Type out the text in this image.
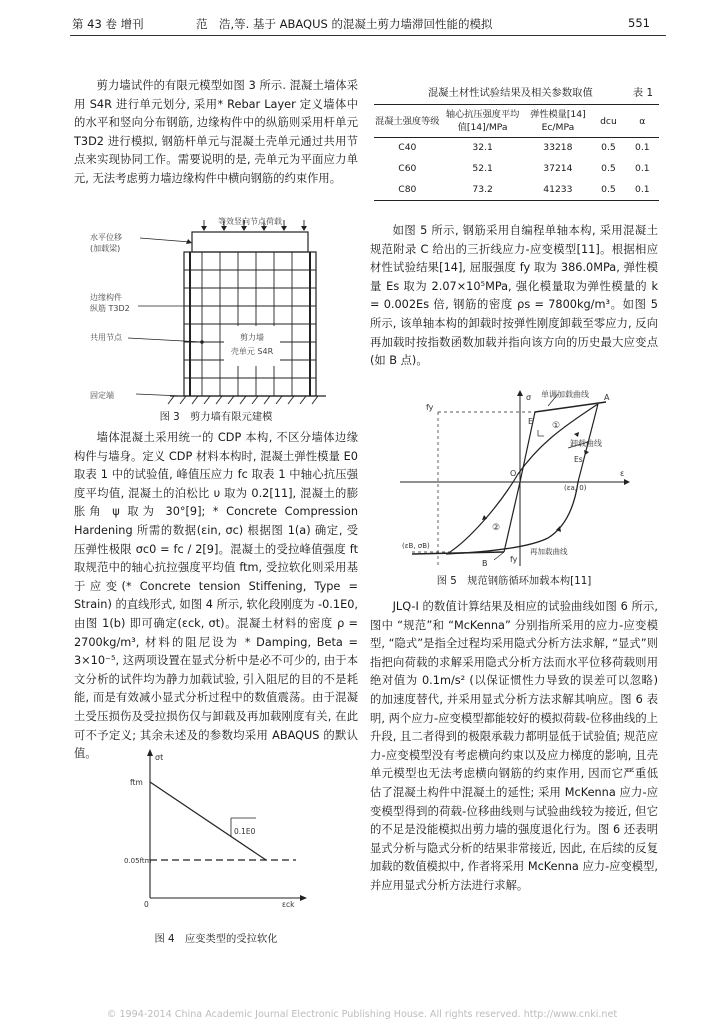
第 43 卷 增刊	范　浩,等. 基于 ABAQUS 的混凝土剪力墙滞回性能的模拟	551

剪力墙试件的有限元模型如图 3 所示. 混凝土墙体采用 S4R 进行单元划分, 采用* Rebar Layer 定义墙体中的水平和竖向分布钢筋, 边缘构件中的纵筋则采用杆单元 T3D2 进行模拟, 钢筋杆单元与混凝土壳单元通过共用节点来实现协同工作。需要说明的是, 壳单元为平面应力单元, 无法考虑剪力墙边缘构件中横向钢筋的约束作用。

等效竖向节点荷载
水平位移
(加载梁)
边缘构件
纵筋 T3D2
共用节点	剪力墙
壳单元 S4R
固定端
图 3　剪力墙有限元建模

墙体混凝土采用统一的 CDP 本构, 不区分墙体边缘构件与墙身。定义 CDP 材料本构时, 混凝土弹性模量 E0 取表 1 中的试验值, 峰值压应力 fc 取表 1 中轴心抗压强度平均值, 混凝土的泊松比 υ 取为 0.2[11], 混凝土的膨胀角 ψ 取为 30°[9]; * Concrete Compression Hardening 所需的数据(εin, σc) 根据图 1(a) 确定, 受压弹性极限 σc0 = fc / 2[9]。混凝土的受拉峰值强度 ft 取规范中的轴心抗拉强度平均值 ftm, 受拉软化则采用基于应变(* Concrete tension Stiffening, Type = Strain) 的直线形式, 如图 4 所示, 软化段刚度为 -0.1E0, 由图 1(b) 即可确定(εck, σt)。混凝土材料的密度 ρ = 2700kg/m³, 材料的阻尼设为 * Damping, Beta = 3×10⁻⁵, 这两项设置在显式分析中是必不可少的, 由于本文分析的试件均为静力加载试验, 引入阻尼的目的不是耗能, 而是有效减小显式分析过程中的数值震荡。由于混凝土受压损伤及受拉损伤仅与卸载及再加载刚度有关, 在此可不予定义; 其余未述及的参数均采用 ABAQUS 的默认值。	σt
ftm
0.1E0
0.05ftm
0	εck
图 4　应变类型的受拉软化
混凝土材性试验结果及相关参数取值	表 1
混凝土强度等级	轴心抗压强度平均值[14]/MPa	弹性模量[14] Ec/MPa	dcu	α
C40	32.1	33218	0.5	0.1
C60	52.1	37214	0.5	0.1
C80	73.2	41233	0.5	0.1

如图 5 所示, 钢筋采用自编程单轴本构, 采用混凝土规范附录 C 给出的三折线应力-应变模型[11]。根据相应材性试验结果[14], 屈服强度 fy 取为 386.0MPa, 弹性模量 Es 取为 2.07×10⁵MPa, 强化模量取为弹性模量的 k = 0.002Es 倍, 钢筋的密度 ρs = 7800kg/m³。如图 5 所示, 该单轴本构的卸载时按弹性刚度卸载至零应力, 反向再加载时按指数函数加载并指向该方向的历史最大应变点(如 B 点)。

σ 单调加载曲线
fy
A
卸载曲线
Es
①
E
O	ε
(εa, 0)
②
(εB, σB)
B	fy
再加载曲线
图 5　规范钢筋循环加载本构[11]

JLQ-I 的数值计算结果及相应的试验曲线如图 6 所示, 图中 “规范”和 “McKenna” 分别指所采用的应力-应变模型, “隐式”是指全过程均采用隐式分析方法求解, “显式”则指把向荷载的求解采用隐式分析方法而水平位移荷载则用绝对值为 0.1m/s² (以保证惯性力导致的误差可以忽略) 的加速度替代, 并采用显式分析方法求解其响应。图 6 表明, 两个应力-应变模型都能较好的模拟荷载-位移曲线的上升段, 且二者得到的极限承载力都明显低于试验值; 规范应力-应变模型没有考虑横向约束以及应力梯度的影响, 且壳单元模型也无法考虑横向钢筋的约束作用, 因而它严重低估了混凝土构件中混凝土的延性; 采用 McKenna 应力-应变模型得到的荷载-位移曲线则与试验曲线较为接近, 但它的不足是没能模拟出剪力墙的强度退化行为。图 6 还表明显式分析与隐式分析的结果非常接近, 因此, 在后续的反复加载的数值模拟中, 作者将采用 McKenna 应力-应变模型, 并应用显式分析方法进行求解。

© 1994-2014 China Academic Journal Electronic Publishing House. All rights reserved. http://www.cnki.net
